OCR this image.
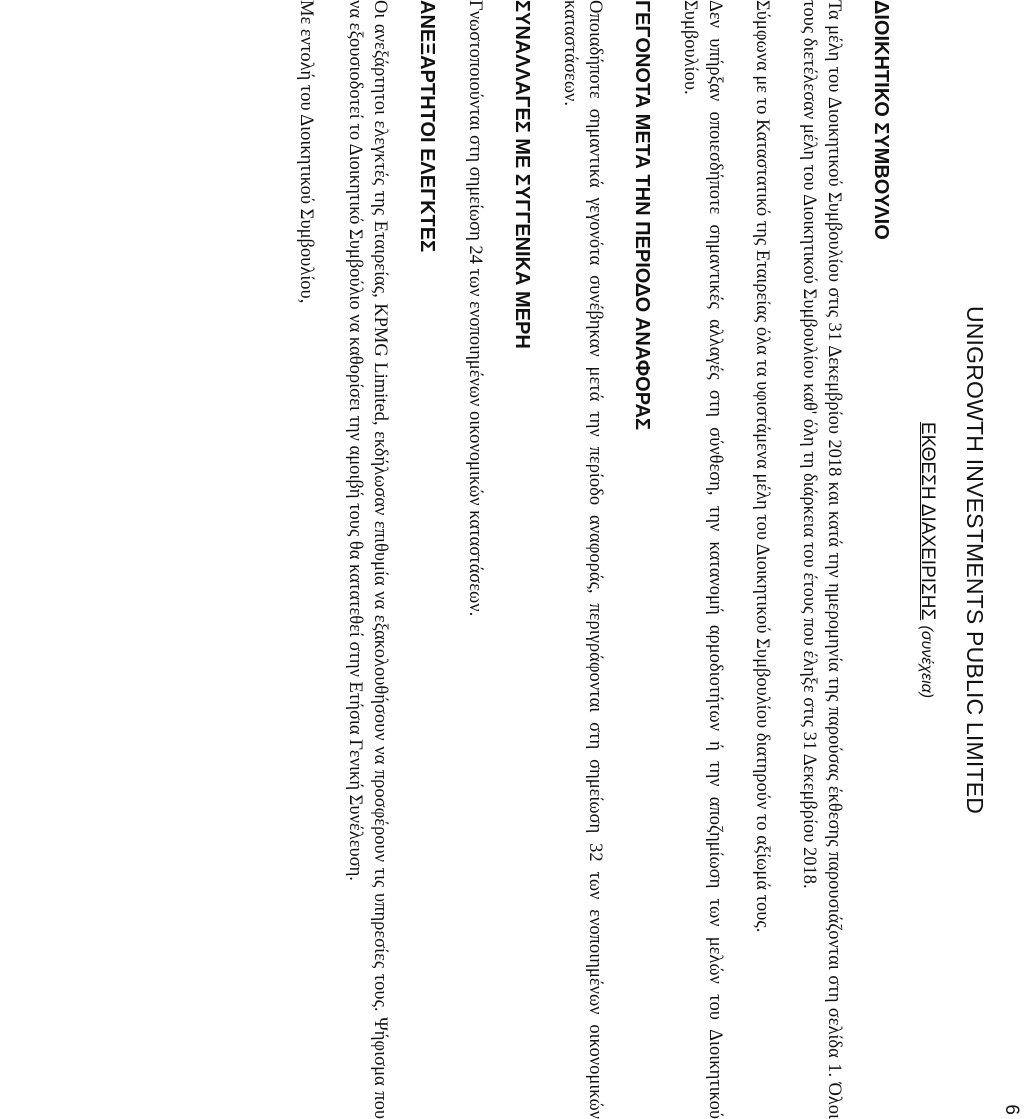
6
UNIGROWTH INVESTMENTS PUBLIC LIMITED
ΕΚΘΕΣΗ ΔΙΑΧΕΙΡΙΣΗΣ (συνέχεια)
ΔΙΟΙΚΗΤΙΚΟ ΣΥΜΒΟΥΛΙΟ

Τα μέλη του Διοικητικού Συμβουλίου στις 31 Δεκεμβρίου 2018 και κατά την ημερομηνία της παρούσας έκθεσης παρουσιάζονται στη σελίδα 1. Όλοι τους διετέλεσαν μέλη του Διοικητικού Συμβουλίου καθ' όλη τη διάρκεια του έτους που έληξε στις 31 Δεκεμβρίου 2018.

Σύμφωνα με το Καταστατικό της Εταιρείας όλα τα υφιστάμενα μέλη του Διοικητικού Συμβουλίου διατηρούν το αξίωμά τους.

Δεν υπήρξαν οποιεσδήποτε σημαντικές αλλαγές στη σύνθεση, την κατανομή αρμοδιοτήτων ή την αποζημίωση των μελών του Διοικητικού Συμβουλίου.

ΓΕΓΟΝΟΤΑ ΜΕΤΑ ΤΗΝ ΠΕΡΙΟΔΟ ΑΝΑΦΟΡΑΣ

Οποιαδήποτε σημαντικά γεγονότα συνέβηκαν μετά την περίοδο αναφοράς, περιγράφονται στη σημείωση 32 των ενοποιημένων οικονομικών καταστάσεων.

ΣΥΝΑΛΛΑΓΕΣ ΜΕ ΣΥΓΓΕΝΙΚΑ ΜΕΡΗ

Γνωστοποιούνται στη σημείωση 24 των ενοποιημένων οικονομικών καταστάσεων.

ΑΝΕΞΑΡΤΗΤΟΙ ΕΛΕΓΚΤΕΣ

Οι ανεξάρτητοι ελεγκτές της Εταιρείας, KPMG Limited, εκδήλωσαν επιθυμία να εξακολουθήσουν να προσφέρουν τις υπηρεσίες τους. Ψήφισμα που να εξουσιοδοτεί το Διοικητικό Συμβούλιο να καθορίσει την αμοιβή τους θα κατατεθεί στην Ετήσια Γενική Συνέλευση.

Με εντολή του Διοικητικού Συμβουλίου,
